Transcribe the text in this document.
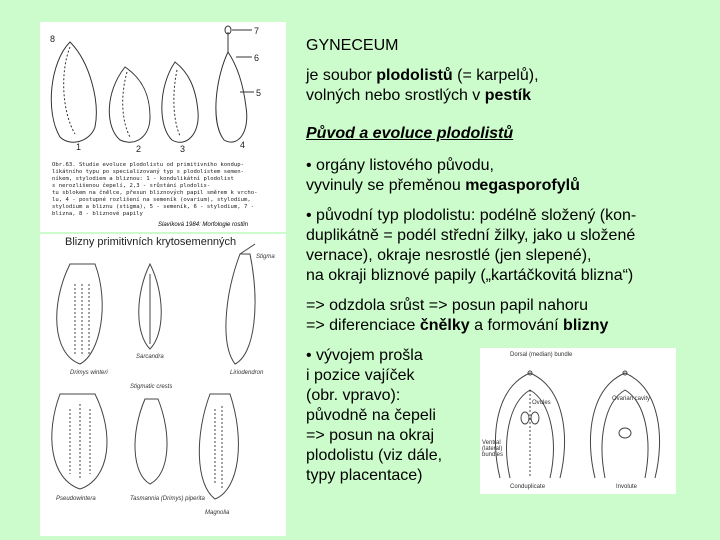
8
7
6
5
4
3
2
1
Obr.63. Studie evoluce plodolistu od primitivního kondup-
likátního typu po specializovaný typ s plodolistem semen-
níkem, stylodiem a bliznou: 1 - kondulikátní plodolist
s nerozlišenou čepelí, 2,3 - srůstání plodolis-
tu sblokem na čnělce, přesun bliznových papil směrem k vrcho-
lu, 4 - postupné rozlišení na semeník (ovarium), stylodium,
stylodium a bliznu (stigma), 5 - semeník, 6 - stylodium, 7 -
blizna, 8 - bliznové papily
Slavíková 1984: Morfologie rostlin
Blizny primitivních krytosemenných
Stigma
Sarcandra
Drimys winteri	Liriodendron
Stigmatic crests
Pseudowintera	Tasmannia (Drimys) piperita
Magnolia
Dorsal (median) bundle
Ovules
Ovarian cavity
Ventral (lateral) bundles
Conduplicate	Involute
GYNECEUM
je soubor plodolistů (= karpelů),
volných nebo srostlých v pestík
Původ a evoluce plodolistů
• orgány listového původu,
vyvinuly se přeměnou megasporofylů
• původní typ plodolistu: podélně složený (kon-
duplikátně = podél střední žilky, jako u složené
vernace), okraje nesrostlé (jen slepené),
na okraji bliznové papily („kartáčkovitá blizna“)
=> odzdola srůst => posun papil nahoru
=> diferenciace čnělky a formování blizny
• vývojem prošla
i pozice vajíček
(obr. vpravo):
původně na čepeli
=> posun na okraj
plodolistu (viz dále,
typy placentace)
